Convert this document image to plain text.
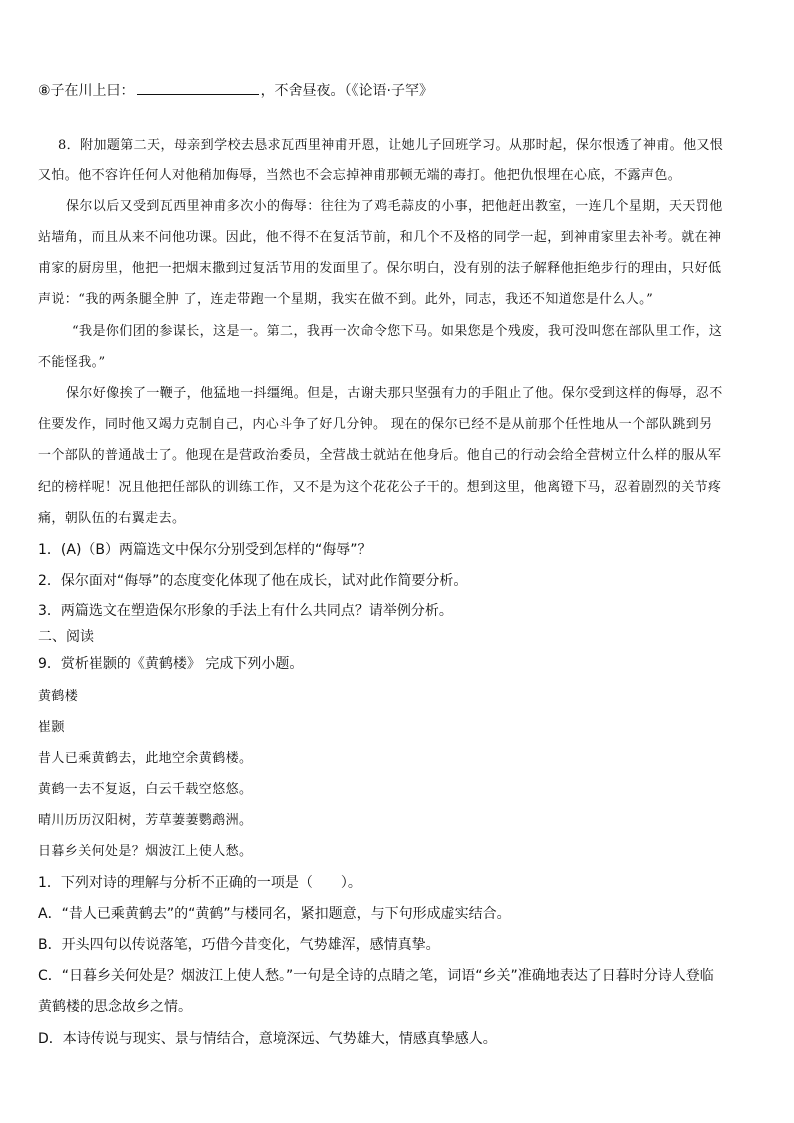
⑧子在川上曰：	，不舍昼夜。（《论语·子罕》
8．附加题第二天，母亲到学校去恳求瓦西里神甫开恩，让她儿子回班学习。从那时起，保尔恨透了神甫。他又恨
又怕。他不容许任何人对他稍加侮辱，当然也不会忘掉神甫那顿无端的毒打。他把仇恨埋在心底，不露声色。
保尔以后又受到瓦西里神甫多次小的侮辱：往往为了鸡毛蒜皮的小事，把他赶出教室，一连几个星期，天天罚他
站墙角，而且从来不问他功课。因此，他不得不在复活节前，和几个不及格的同学一起，到神甫家里去补考。就在神
甫家的厨房里，他把一把烟末撒到过复活节用的发面里了。保尔明白，没有别的法子解释他拒绝步行的理由，只好低
声说：“我的两条腿全肿 了，连走带跑一个星期，我实在做不到。此外，同志，我还不知道您是什么人。”
“我是你们团的参谋长，这是一。第二，我再一次命令您下马。如果您是个残废，我可没叫您在部队里工作，这
不能怪我。”
保尔好像挨了一鞭子，他猛地一抖缰绳。但是，古谢夫那只坚强有力的手阻止了他。保尔受到这样的侮辱，忍不
住要发作，同时他又竭力克制自己，内心斗争了好几分钟。 现在的保尔已经不是从前那个任性地从一个部队跳到另
一个部队的普通战士了。他现在是营政治委员，全营战士就站在他身后。他自己的行动会给全营树立什么样的服从军
纪的榜样呢！况且他把任部队的训练工作，又不是为这个花花公子干的。想到这里，他离镫下马，忍着剧烈的关节疼
痛，朝队伍的右翼走去。
1．(A)（B）两篇选文中保尔分别受到怎样的“侮辱”？
2．保尔面对“侮辱”的态度变化体现了他在成长，试对此作简要分析。
3．两篇选文在塑造保尔形象的手法上有什么共同点？请举例分析。
二、阅读
9．赏析崔颢的《黄鹤楼》 完成下列小题。
黄鹤楼
崔颢
昔人已乘黄鹤去，此地空余黄鹤楼。
黄鹤一去不复返，白云千载空悠悠。
晴川历历汉阳树，芳草萋萋鹦鹉洲。
日暮乡关何处是？烟波江上使人愁。
1．下列对诗的理解与分析不正确的一项是（　　）。
A．“昔人已乘黄鹤去”的“黄鹤”与楼同名，紧扣题意，与下句形成虚实结合。
B．开头四句以传说落笔，巧借今昔变化，气势雄浑，感情真挚。
C．“日暮乡关何处是？烟波江上使人愁。”一句是全诗的点睛之笔，词语“乡关”准确地表达了日暮时分诗人登临
黄鹤楼的思念故乡之情。
D．本诗传说与现实、景与情结合，意境深远、气势雄大，情感真挚感人。
